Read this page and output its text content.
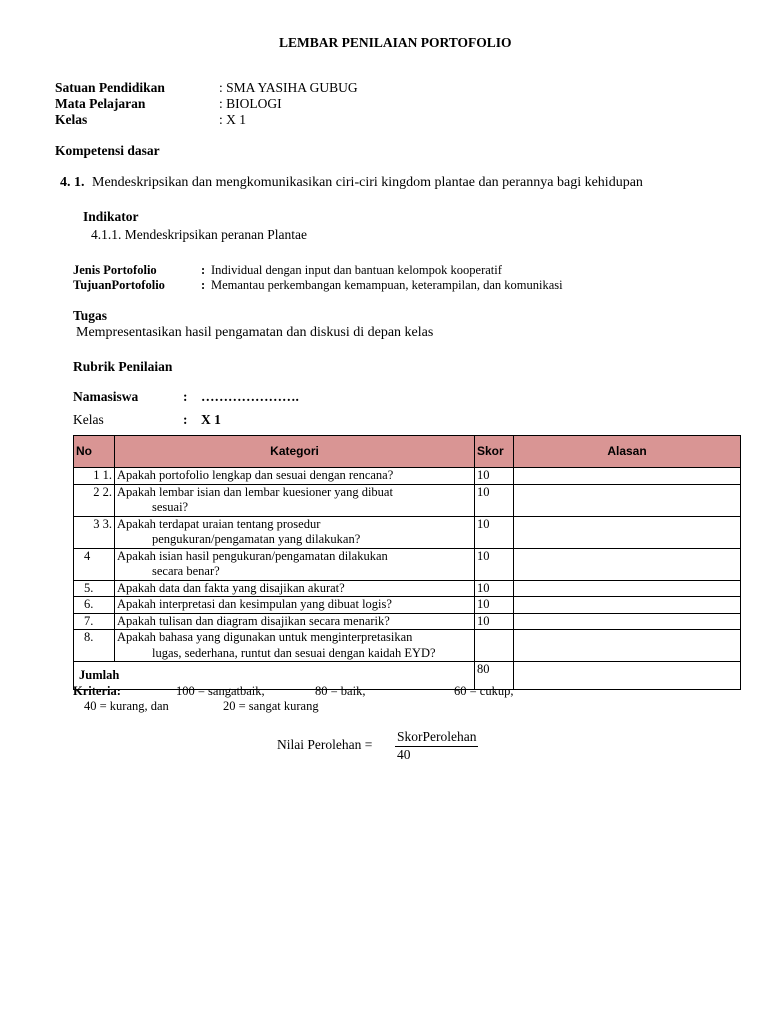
LEMBAR PENILAIAN PORTOFOLIO
Satuan Pendidikan	: SMA YASIHA GUBUG
Mata Pelajaran	: BIOLOGI
Kelas	: X 1
Kompetensi dasar
4. 1. Mendeskripsikan dan mengkomunikasikan ciri-ciri kingdom plantae dan perannya bagi kehidupan
Indikator
4.1.1. Mendeskripsikan peranan Plantae
Jenis Portofolio	: Individual dengan input dan bantuan kelompok kooperatif
TujuanPortofolio	: Memantau perkembangan kemampuan, keterampilan, dan komunikasi
Tugas
Mempresentasikan hasil pengamatan dan diskusi di depan kelas
Rubrik Penilaian
Namasiswa	: ………………….
Kelas	: X 1
No	Kategori	Skor	Alasan
1 1.	Apakah portofolio lengkap dan sesuai dengan rencana?	10	
2 2.	Apakah lembar isian dan lembar kuesioner yang dibuat
sesuai?	10	
3 3.	Apakah terdapat uraian tentang prosedur
pengukuran/pengamatan yang dilakukan?	10	
4	Apakah isian hasil pengukuran/pengamatan dilakukan
secara benar?	10	
5.	Apakah data dan fakta yang disajikan akurat?	10	
6.	Apakah interpretasi dan kesimpulan yang dibuat logis?	10	
7.	Apakah tulisan dan diagram disajikan secara menarik?	10	
8.	Apakah bahasa yang digunakan untuk menginterpretasikan
lugas, sederhana, runtut dan sesuai dengan kaidah EYD?		

Jumlah		80	
Kriteria:	100 = sangatbaik,	80 = baik,	60 = cukup,
40 = kurang, dan	20 = sangat kurang
Nilai Perolehan =
SkorPerolehan
40
